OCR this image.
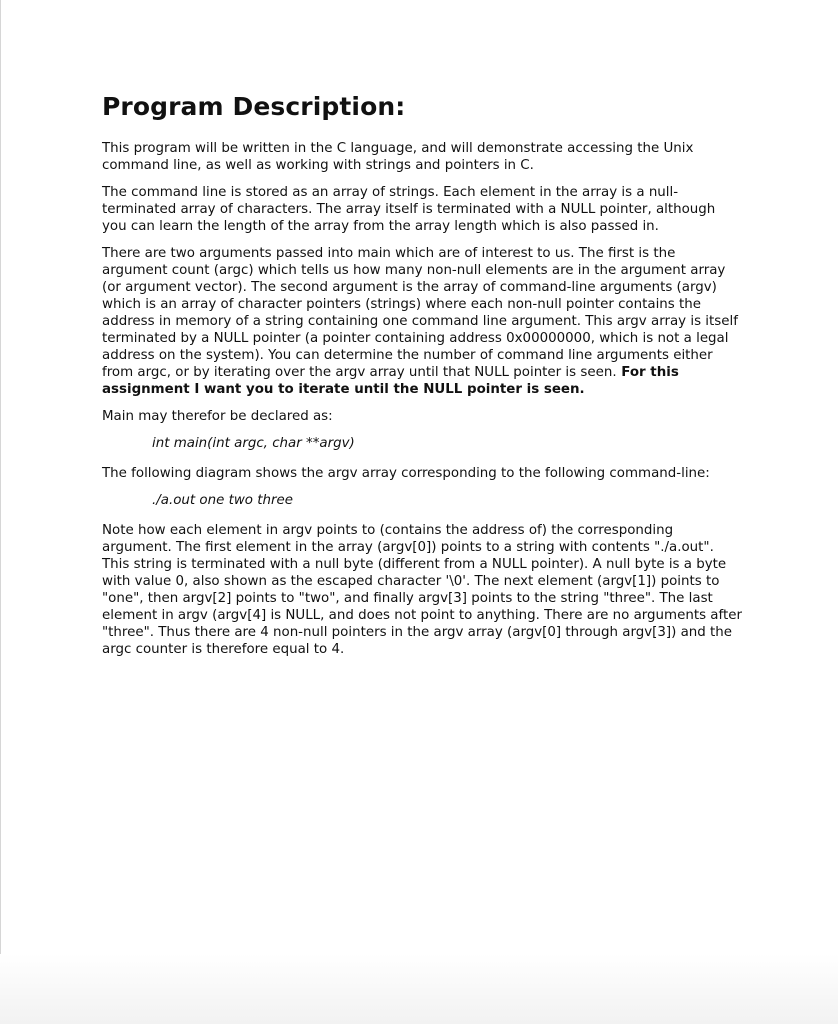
Program Description:

This program will be written in the C language, and will demonstrate accessing the Unix command line, as well as working with strings and pointers in C.

The command line is stored as an array of strings. Each element in the array is a null-terminated array of characters. The array itself is terminated with a NULL pointer, although you can learn the length of the array from the array length which is also passed in.

There are two arguments passed into main which are of interest to us. The first is the argument count (argc) which tells us how many non-null elements are in the argument array (or argument vector). The second argument is the array of command-line arguments (argv) which is an array of character pointers (strings) where each non-null pointer contains the address in memory of a string containing one command line argument. This argv array is itself terminated by a NULL pointer (a pointer containing address 0x00000000, which is not a legal address on the system). You can determine the number of command line arguments either from argc, or by iterating over the argv array until that NULL pointer is seen. For this assignment I want you to iterate until the NULL pointer is seen.

Main may therefor be declared as:

int main(int argc, char **argv)

The following diagram shows the argv array corresponding to the following command-line:

./a.out one two three

Note how each element in argv points to (contains the address of) the corresponding argument. The first element in the array (argv[0]) points to a string with contents "./a.out". This string is terminated with a null byte (different from a NULL pointer). A null byte is a byte with value 0, also shown as the escaped character '\0'. The next element (argv[1]) points to "one", then argv[2] points to "two", and finally argv[3] points to the string "three". The last element in argv (argv[4] is NULL, and does not point to anything. There are no arguments after "three". Thus there are 4 non-null pointers in the argv array (argv[0] through argv[3]) and the argc counter is therefore equal to 4.
